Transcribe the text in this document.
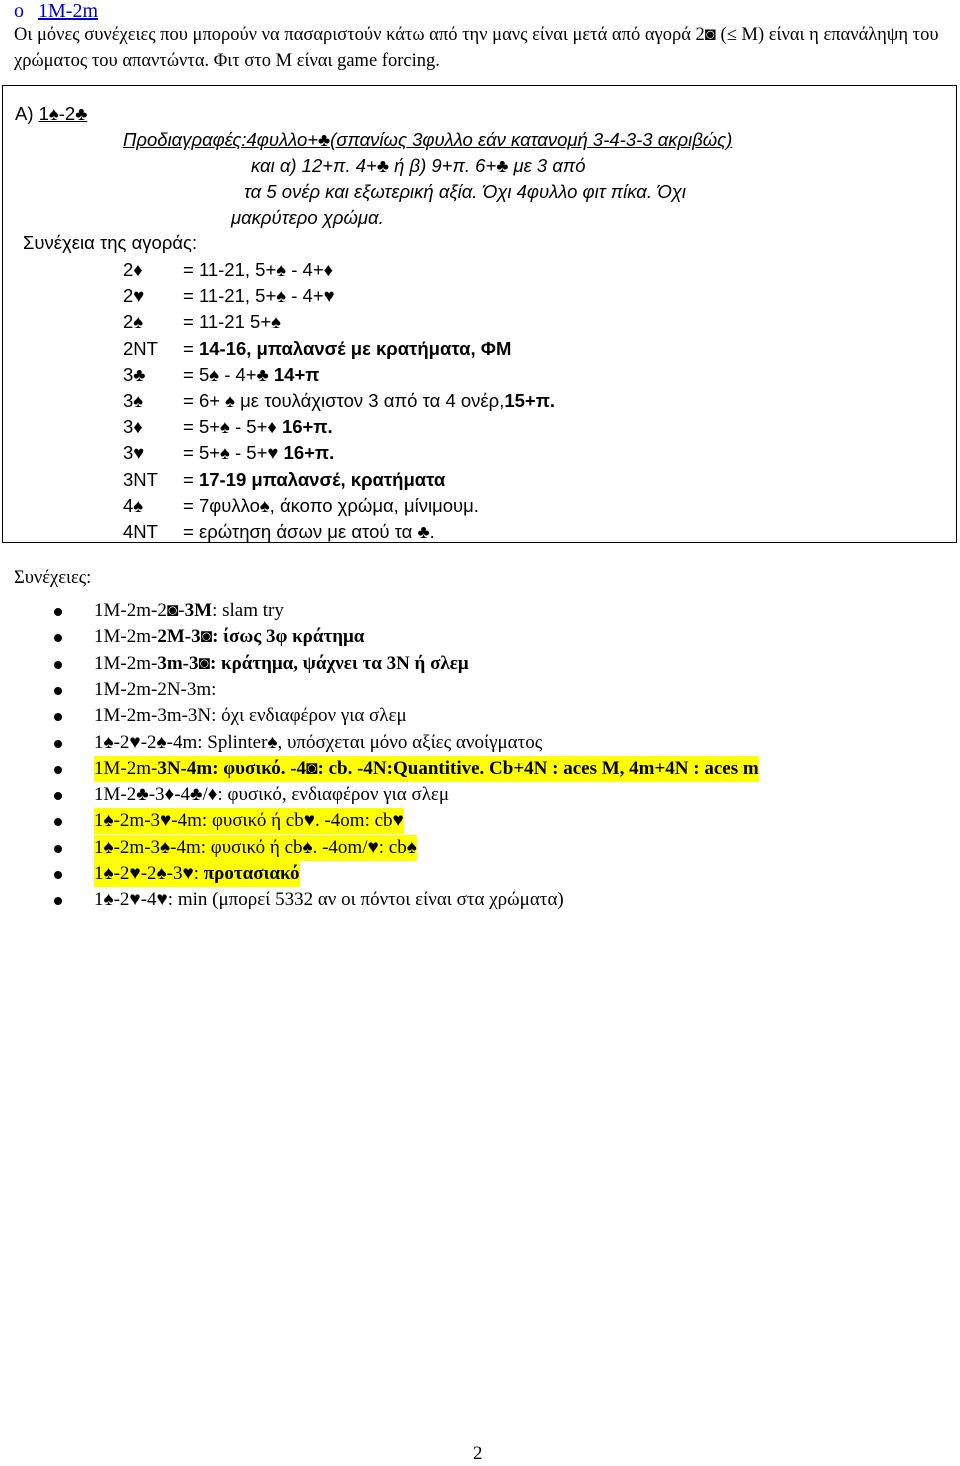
o 1M-2m
Οι μόνες συνέχειες που μπορούν να πασαριστούν κάτω από την μανς είναι μετά από αγορά 2◙ (≤ M) είναι η επανάληψη του χρώματος του απαντώντα. Φιτ στο Μ είναι game forcing.
A) 1♠-2♣
Προδιαγραφές:4φυλλο+♣(σπανίως 3φυλλο εάν κατανομή 3-4-3-3 ακριβώς)
και α) 12+π. 4+♣ ή β) 9+π. 6+♣ με 3 από
τα 5 ονέρ και εξωτερική αξία. Όχι 4φυλλο φιτ πίκα. Όχι
μακρύτερο χρώμα.
Συνέχεια της αγοράς:
2♦ = 11-21, 5+♠ - 4+♦
2♥ = 11-21, 5+♠ - 4+♥
2♠ = 11-21 5+♠
2NT = 14-16, μπαλανσέ με κρατήματα, ΦΜ
3♣ = 5♠ - 4+♣ 14+π
3♠ = 6+ ♠ με τουλάχιστον 3 από τα 4 ονέρ,15+π.
3♦ = 5+♠ - 5+♦ 16+π.
3♥ = 5+♠ - 5+♥ 16+π.
3NT = 17-19 μπαλανσέ, κρατήματα
4♠ = 7φυλλο♠, άκοπο χρώμα, μίνιμουμ.
4NT = ερώτηση άσων με ατού τα ♣.
Συνέχειες:
1M-2m-2◙-3M: slam try
1M-2m-2M-3◙: ίσως 3φ κράτημα
1M-2m-3m-3◙: κράτημα, ψάχνει τα 3Ν ή σλεμ
1M-2m-2N-3m:
1M-2m-3m-3N: όχι ενδιαφέρον για σλεμ
1♠-2♥-2♠-4m: Splinter♠, υπόσχεται μόνο αξίες ανοίγματος
1M-2m-3N-4m: φυσικό. -4◙: cb. -4N:Quantitive. Cb+4N : aces M, 4m+4N : aces m
1M-2♣-3♦-4♣/♦: φυσικό, ενδιαφέρον για σλεμ
1♠-2m-3♥-4m: φυσικό ή cb♥. -4om: cb♥
1♠-2m-3♠-4m: φυσικό ή cb♠. -4om/♥: cb♠
1♠-2♥-2♠-3♥: προτασιακό
1♠-2♥-4♥: min (μπορεί 5332 αν οι πόντοι είναι στα χρώματα)
2
